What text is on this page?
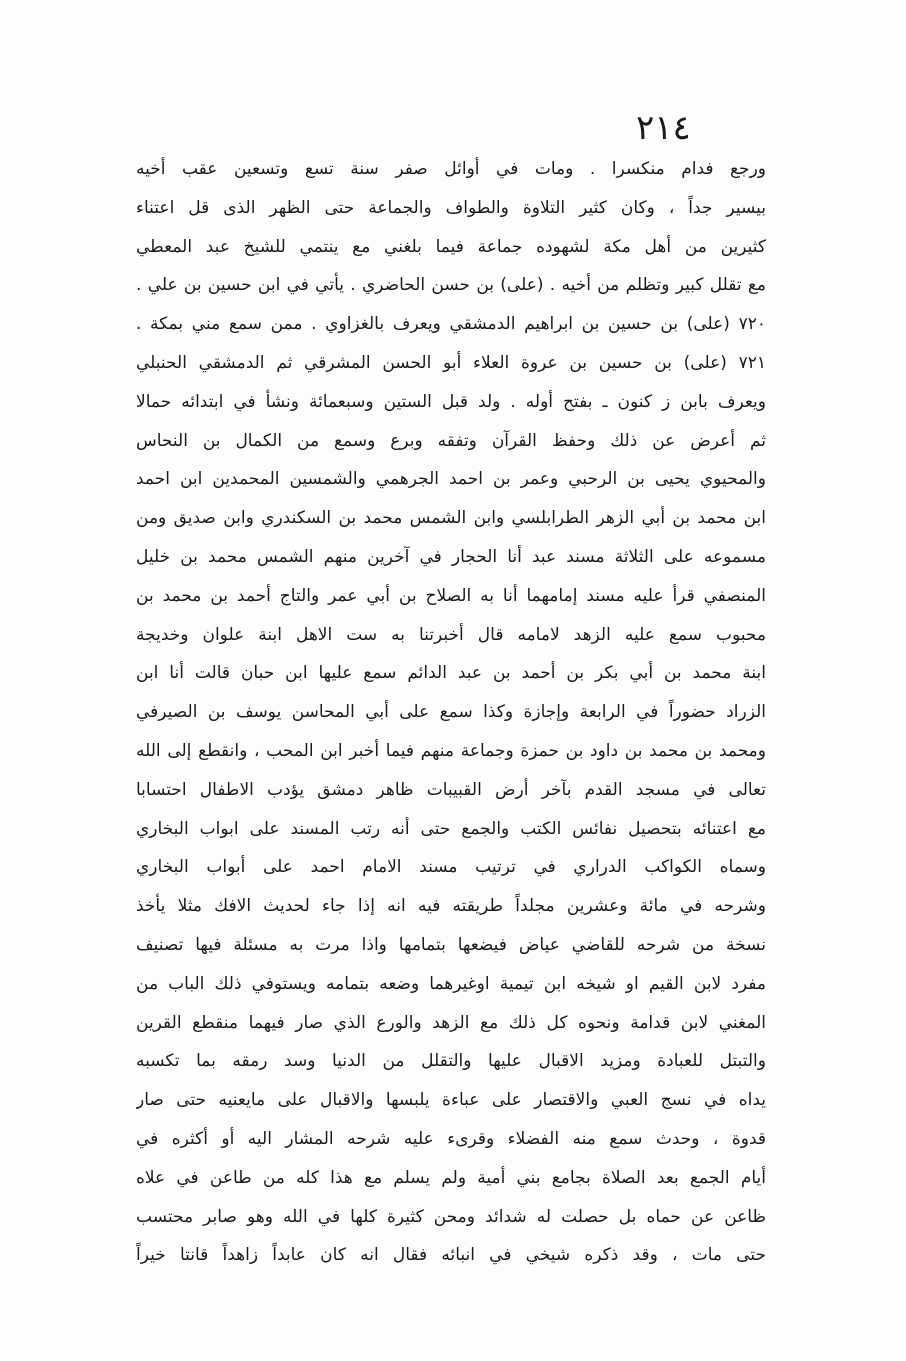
٢١٤
ورجع فدام منكسرا . ومات في أوائل صفر سنة تسع وتسعين عقب أخيه
بيسير جداً ، وكان كثير التلاوة والطواف والجماعة حتى الظهر الذى قل اعتناء
كثيرين من أهل مكة لشهوده جماعة فيما بلغني مع ينتمي للشيخ عبد المعطي
مع تقلل كبير وتظلم من أخيه . (على) بن حسن الحاضري . يأتي في ابن حسين بن علي .
٧٢٠ (على) بن حسين بن ابراهيم الدمشقي ويعرف بالغزاوي . ممن سمع مني بمكة .
٧٢١ (على) بن حسين بن عروة العلاء أبو الحسن المشرقي ثم الدمشقي الحنبلي
ويعرف بابن ز كنون ـ بفتح أوله . ولد قبل الستين وسبعمائة ونشأ في ابتدائه حمالا
ثم أعرض عن ذلك وحفظ القرآن وتفقه وبرع وسمع من الكمال بن النحاس
والمحيوي يحيى بن الرحبي وعمر بن احمد الجرهمي والشمسين المحمدين ابن احمد
ابن محمد بن أبي الزهر الطرابلسي وابن الشمس محمد بن السكندري وابن صديق ومن
مسموعه على الثلاثة مسند عبد أنا الحجار في آخرين منهم الشمس محمد بن خليل
المنصفي قرأ عليه مسند إمامهما أنا به الصلاح بن أبي عمر والتاج أحمد بن محمد بن
محبوب سمع عليه الزهد لامامه قال أخبرتنا به ست الاهل ابنة علوان وخديجة
ابنة محمد بن أبي بكر بن أحمد بن عبد الدائم سمع عليها ابن حبان قالت أنا ابن
الزراد حضوراً في الرابعة وإجازة وكذا سمع على أبي المحاسن يوسف بن الصيرفي
ومحمد بن محمد بن داود بن حمزة وجماعة منهم فيما أخبر ابن المحب ، وانقطع إلى الله
تعالى في مسجد القدم بآخر أرض القبيبات ظاهر دمشق يؤدب الاطفال احتسابا
مع اعتنائه بتحصيل نفائس الكتب والجمع حتى أنه رتب المسند على ابواب البخاري
وسماه الكواكب الدراري في ترتيب مسند الامام احمد على أبواب البخاري
وشرحه في مائة وعشرين مجلداً طريقته فيه انه إذا جاء لحديث الافك مثلا يأخذ
نسخة من شرحه للقاضي عياض فيضعها بتمامها واذا مرت به مسئلة فيها تصنيف
مفرد لابن القيم او شيخه ابن تيمية اوغيرهما وضعه بتمامه ويستوفي ذلك الباب من
المغني لابن قدامة ونحوه كل ذلك مع الزهد والورع الذي صار فيهما منقطع القرين
والتبتل للعبادة ومزيد الاقبال عليها والتقلل من الدنيا وسد رمقه بما تكسبه
يداه في نسج العبي والاقتصار على عباءة يلبسها والاقبال على مايعنيه حتى صار
قدوة ، وحدث سمع منه الفضلاء وقرىء عليه شرحه المشار اليه أو أكثره في
أيام الجمع بعد الصلاة بجامع بني أمية ولم يسلم مع هذا كله من طاعن في علاه
ظاعن عن حماه بل حصلت له شدائد ومحن كثيرة كلها في الله وهو صابر محتسب
حتى مات ، وقد ذكره شيخي في انبائه فقال انه كان عابداً زاهداً قانتا خيراً
